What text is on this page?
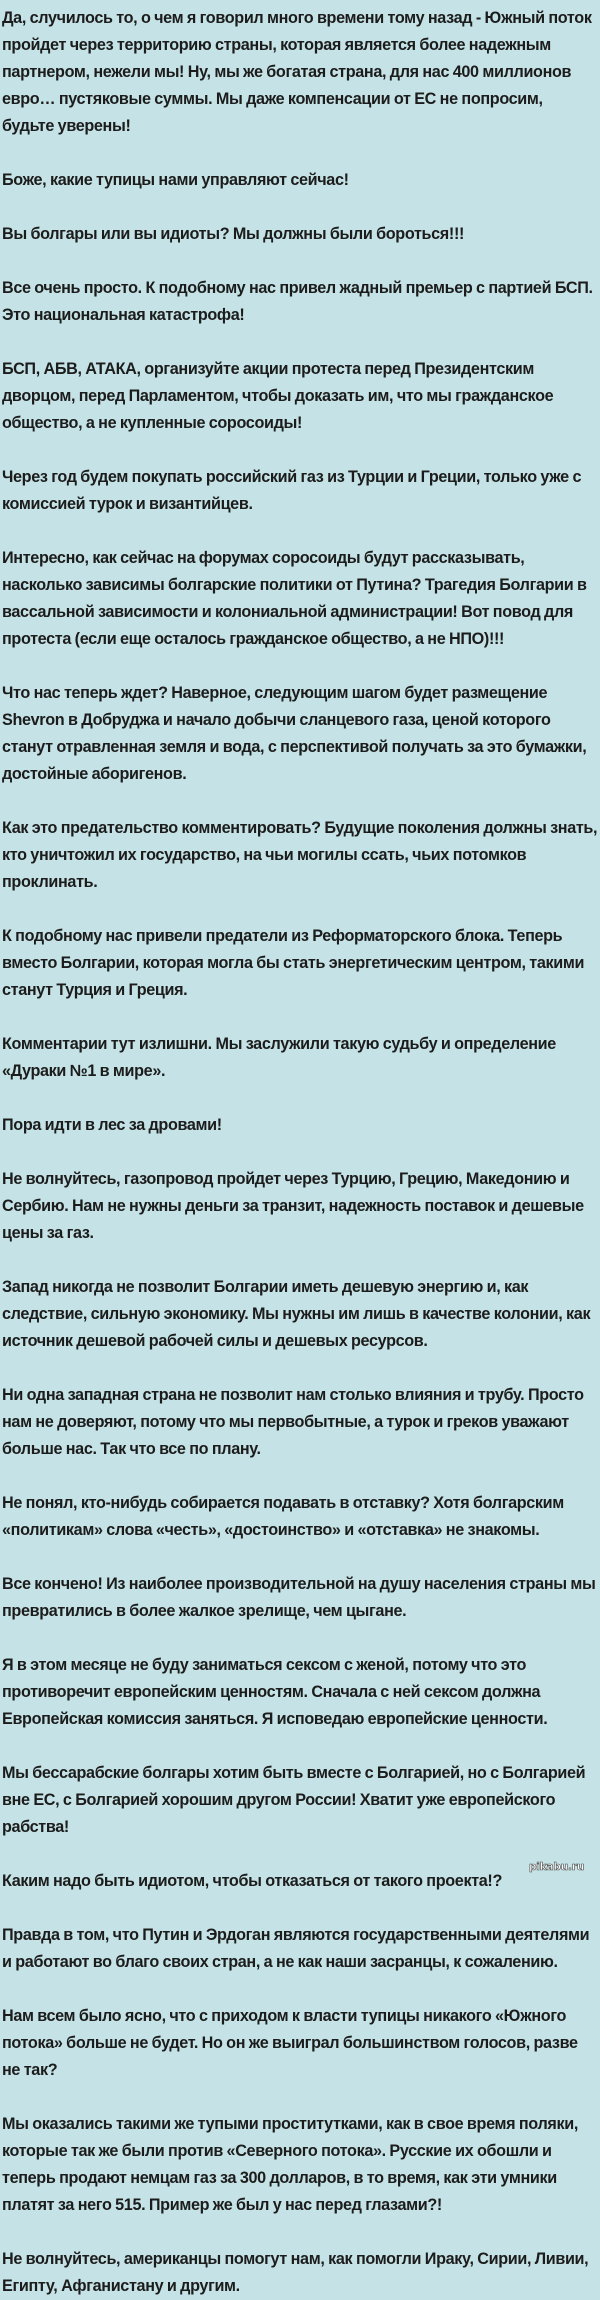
Да, случилось то, о чем я говорил много времени тому назад - Южный поток пройдет через территорию страны, которая является более надежным партнером, нежели мы! Ну, мы же богатая страна, для нас 400 миллионов евро… пустяковые суммы. Мы даже компенсации от ЕС не попросим, будьте уверены!

Боже, какие тупицы нами управляют сейчас!

Вы болгары или вы идиоты? Мы должны были бороться!!!

Все очень просто. К подобному нас привел жадный премьер с партией БСП. Это национальная катастрофа!

БСП, АБВ, АТАКА, организуйте акции протеста перед Президентским дворцом, перед Парламентом, чтобы доказать им, что мы гражданское общество, а не купленные соросоиды!

Через год будем покупать российский газ из Турции и Греции, только уже с комиссией турок и византийцев.

Интересно, как сейчас на форумах соросоиды будут рассказывать, насколько зависимы болгарские политики от Путина? Трагедия Болгарии в вассальной зависимости и колониальной администрации! Вот повод для протеста (если еще осталось гражданское общество, а не НПО)!!!

Что нас теперь ждет? Наверное, следующим шагом будет размещение Shevron в Добруджа и начало добычи сланцевого газа, ценой которого станут отравленная земля и вода, с перспективой получать за это бумажки, достойные аборигенов.

Как это предательство комментировать? Будущие поколения должны знать, кто уничтожил их государство, на чьи могилы ссать, чьих потомков проклинать.

К подобному нас привели предатели из Реформаторского блока. Теперь вместо Болгарии, которая могла бы стать энергетическим центром, такими станут Турция и Греция.

Комментарии тут излишни. Мы заслужили такую судьбу и определение «Дураки №1 в мире».

Пора идти в лес за дровами!

Не волнуйтесь, газопровод пройдет через Турцию, Грецию, Македонию и Сербию. Нам не нужны деньги за транзит, надежность поставок и дешевые цены за газ.

Запад никогда не позволит Болгарии иметь дешевую энергию и, как следствие, сильную экономику. Мы нужны им лишь в качестве колонии, как источник дешевой рабочей силы и дешевых ресурсов.

Ни одна западная страна не позволит нам столько влияния и трубу. Просто нам не доверяют, потому что мы первобытные, а турок и греков уважают больше нас. Так что все по плану.

Не понял, кто-нибудь собирается подавать в отставку? Хотя болгарским «политикам» слова «честь», «достоинство» и «отставка» не знакомы.

Все кончено! Из наиболее производительной на душу населения страны мы превратились в более жалкое зрелище, чем цыгане.

Я в этом месяце не буду заниматься сексом с женой, потому что это противоречит европейским ценностям. Сначала с ней сексом должна Европейская комиссия заняться. Я исповедаю европейские ценности.

Мы бессарабские болгары хотим быть вместе с Болгарией, но с Болгарией вне ЕС, с Болгарией хорошим другом России! Хватит уже европейского рабства!

Каким надо быть идиотом, чтобы отказаться от такого проекта!?

Правда в том, что Путин и Эрдоган являются государственными деятелями и работают во благо своих стран, а не как наши засранцы, к сожалению.

Нам всем было ясно, что с приходом к власти тупицы никакого «Южного потока» больше не будет. Но он же выиграл большинством голосов, разве не так?

Мы оказались такими же тупыми проститутками, как в свое время поляки, которые так же были против «Северного потока». Русские их обошли и теперь продают немцам газ за 300 долларов, в то время, как эти умники платят за него 515. Пример же был у нас перед глазами?!

Не волнуйтесь, американцы помогут нам, как помогли Ираку, Сирии, Ливии, Египту, Афганистану и другим.

pikabu.ru
